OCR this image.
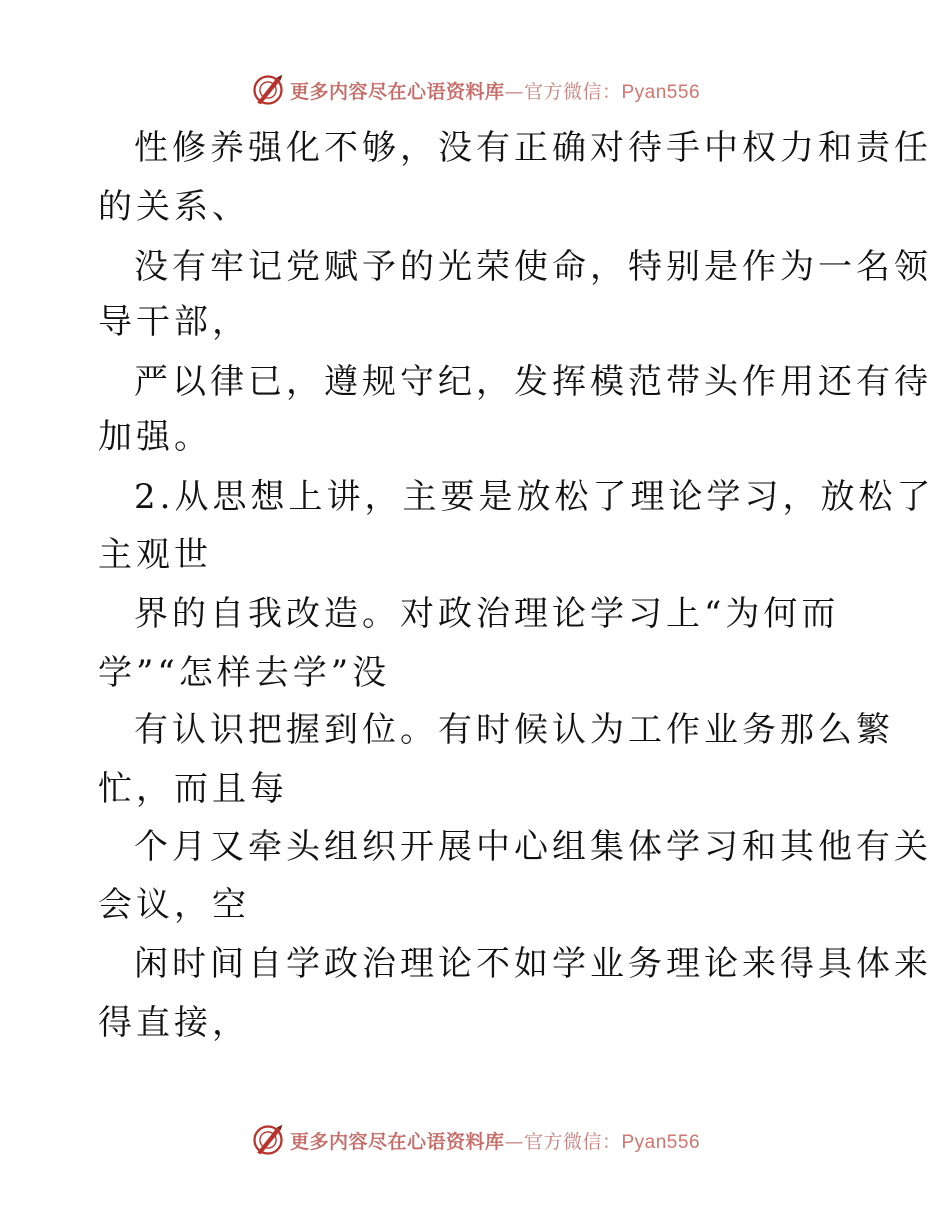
更多内容尽在心语资料库—官方微信：Pyan556
性修养强化不够，没有正确对待手中权力和责任
的关系、
没有牢记党赋予的光荣使命，特别是作为一名领
导干部，
严以律已，遵规守纪，发挥模范带头作用还有待
加强。
2.从思想上讲，主要是放松了理论学习，放松了
主观世
界的自我改造。对政治理论学习上“为何而
学”“怎样去学”没
有认识把握到位。有时候认为工作业务那么繁
忙，而且每
个月又牵头组织开展中心组集体学习和其他有关
会议，空
闲时间自学政治理论不如学业务理论来得具体来
得直接，
更多内容尽在心语资料库—官方微信：Pyan556
